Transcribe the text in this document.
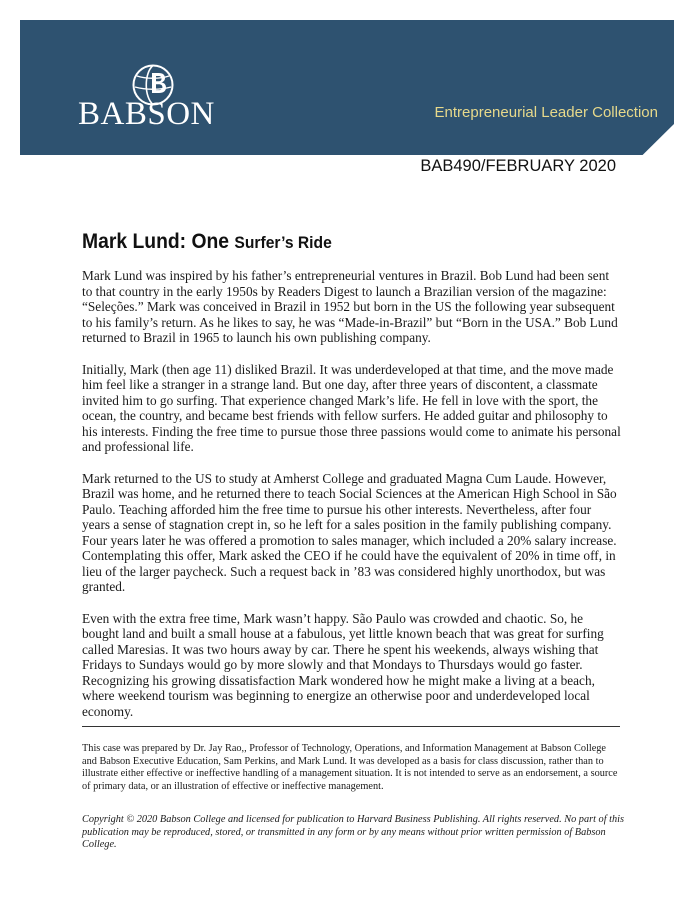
BABSON	Entrepreneurial Leader Collection
BAB490/FEBRUARY 2020
Mark Lund: One Surfer’s Ride

Mark Lund was inspired by his father’s entrepreneurial ventures in Brazil. Bob Lund had been sent to that country in the early 1950s by Readers Digest to launch a Brazilian version of the magazine: “Seleções.” Mark was conceived in Brazil in 1952 but born in the US the following year subsequent to his family’s return. As he likes to say, he was “Made-in-Brazil” but “Born in the USA.” Bob Lund returned to Brazil in 1965 to launch his own publishing company.

Initially, Mark (then age 11) disliked Brazil. It was underdeveloped at that time, and the move made him feel like a stranger in a strange land. But one day, after three years of discontent, a classmate invited him to go surfing. That experience changed Mark’s life. He fell in love with the sport, the ocean, the country, and became best friends with fellow surfers. He added guitar and philosophy to his interests. Finding the free time to pursue those three passions would come to animate his personal and professional life.

Mark returned to the US to study at Amherst College and graduated Magna Cum Laude. However, Brazil was home, and he returned there to teach Social Sciences at the American High School in São Paulo. Teaching afforded him the free time to pursue his other interests. Nevertheless, after four years a sense of stagnation crept in, so he left for a sales position in the family publishing company. Four years later he was offered a promotion to sales manager, which included a 20% salary increase. Contemplating this offer, Mark asked the CEO if he could have the equivalent of 20% in time off, in lieu of the larger paycheck. Such a request back in ’83 was considered highly unorthodox, but was granted.

Even with the extra free time, Mark wasn’t happy. São Paulo was crowded and chaotic. So, he bought land and built a small house at a fabulous, yet little known beach that was great for surfing called Maresias. It was two hours away by car. There he spent his weekends, always wishing that Fridays to Sundays would go by more slowly and that Mondays to Thursdays would go faster. Recognizing his growing dissatisfaction Mark wondered how he might make a living at a beach, where weekend tourism was beginning to energize an otherwise poor and underdeveloped local economy.

This case was prepared by Dr. Jay Rao,, Professor of Technology, Operations, and Information Management at Babson College and Babson Executive Education, Sam Perkins, and Mark Lund. It was developed as a basis for class discussion, rather than to illustrate either effective or ineffective handling of a management situation. It is not intended to serve as an endorsement, a source of primary data, or an illustration of effective or ineffective management.

Copyright © 2020 Babson College and licensed for publication to Harvard Business Publishing. All rights reserved. No part of this publication may be reproduced, stored, or transmitted in any form or by any means without prior written permission of Babson College.
